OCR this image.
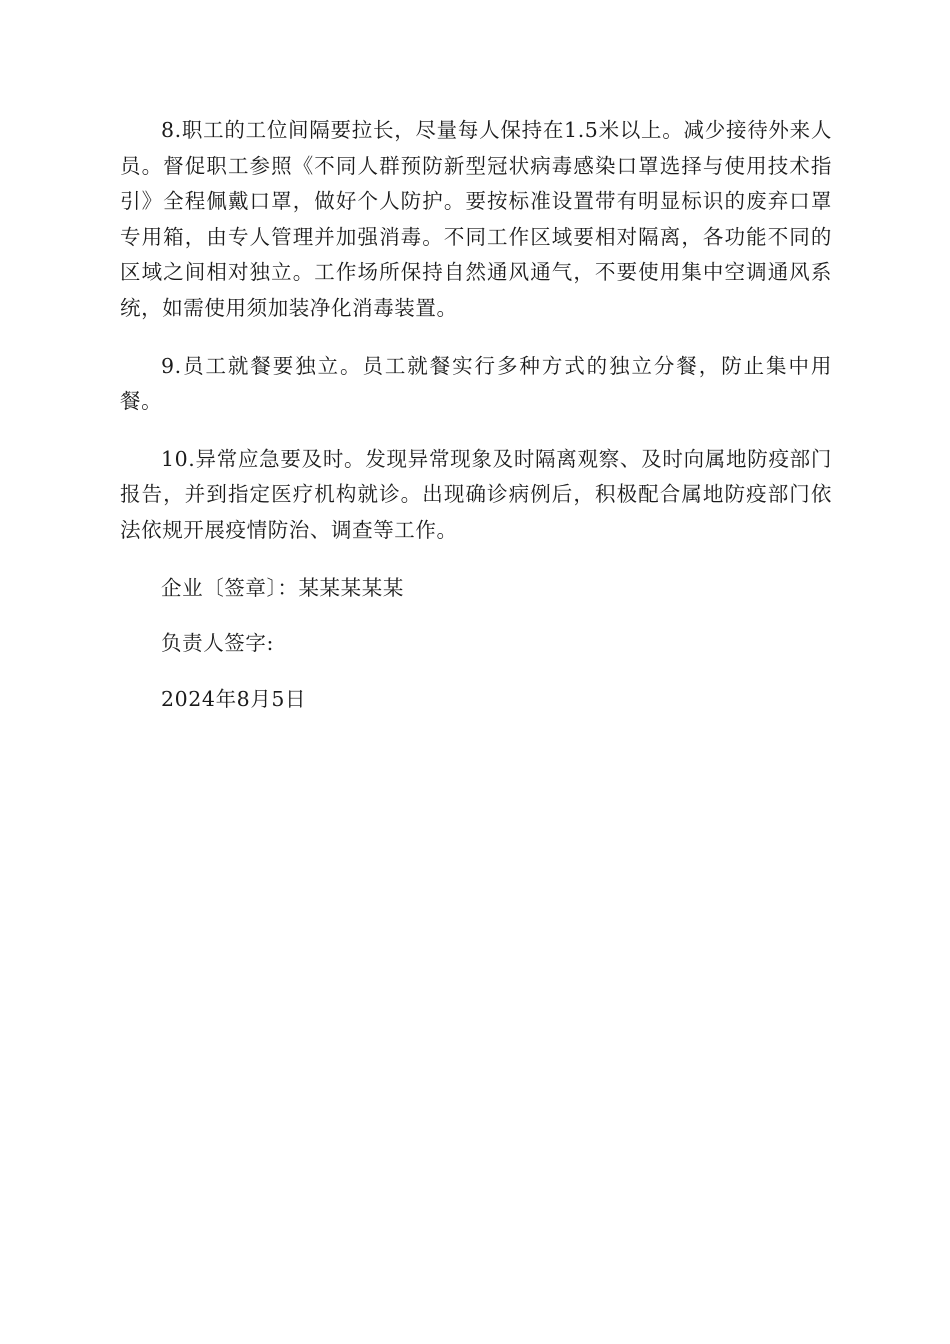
8.职工的工位间隔要拉长，尽量每人保持在1.5米以上。减少接待外来人员。督促职工参照《不同人群预防新型冠状病毒感染口罩选择与使用技术指引》全程佩戴口罩，做好个人防护。要按标准设置带有明显标识的废弃口罩专用箱，由专人管理并加强消毒。不同工作区域要相对隔离，各功能不同的区域之间相对独立。工作场所保持自然通风通气，不要使用集中空调通风系统，如需使用须加装净化消毒装置。

9.员工就餐要独立。员工就餐实行多种方式的独立分餐，防止集中用餐。

10.异常应急要及时。发现异常现象及时隔离观察、及时向属地防疫部门报告，并到指定医疗机构就诊。出现确诊病例后，积极配合属地防疫部门依法依规开展疫情防治、调查等工作。

企业〔签章〕：某某某某某

负责人签字:

2024年8月5日
